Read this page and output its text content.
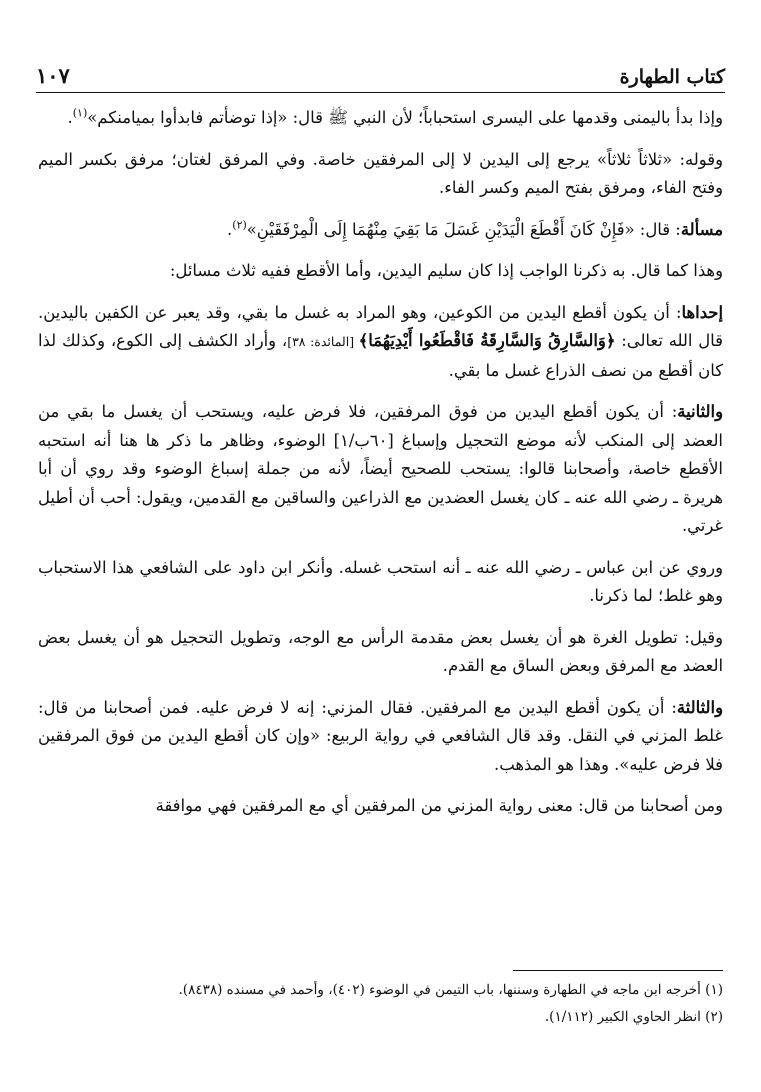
كتاب الطهارة
١٠٧

وإذا بدأ باليمنى وقدمها على اليسرى استحباباً؛ لأن النبي ﷺ قال: «إذا توضأتم فابدأوا بميامنكم»$^{(١)}$.

وقوله: «ثلاثاً ثلاثاً» يرجع إلى اليدين لا إلى المرفقين خاصة. وفي المرفق لغتان؛ مرفق بكسر الميم وفتح الفاء، ومرفق بفتح الميم وكسر الفاء.

مسألة: قال: «فَإِنْ كَانَ أَقْطَعَ الْيَدَيْنِ غَسَلَ مَا بَقِيَ مِنْهُمَا إِلَى الْمِرْفَقَيْنِ»$^{(٢)}$.

وهذا كما قال. به ذكرنا الواجب إذا كان سليم اليدين، وأما الأقطع ففيه ثلاث مسائل:

إحداها: أن يكون أقطع اليدين من الكوعين، وهو المراد به غسل ما بقي، وقد يعبر عن الكفين باليدين. قال الله تعالى: ﴿وَالسَّارِقُ وَالسَّارِقَةُ فَاقْطَعُوا أَيْدِيَهُمَا﴾ [المائدة: ٣٨]، وأراد الكشف إلى الكوع، وكذلك لذا كان أقطع من نصف الذراع غسل ما بقي.

والثانية: أن يكون أقطع اليدين من فوق المرفقين، فلا فرض عليه، ويستحب أن يغسل ما بقي من العضد إلى المنكب لأنه موضع التحجيل وإسباغ [٦٠ب/١] الوضوء، وظاهر ما ذكر ها هنا أنه استحبه الأقطع خاصة، وأصحابنا قالوا: يستحب للصحيح أيضاً، لأنه من جملة إسباغ الوضوء وقد روي أن أبا هريرة ـ رضي الله عنه ـ كان يغسل العضدين مع الذراعين والساقين مع القدمين، ويقول: أحب أن أطيل غرتي.

وروي عن ابن عباس ـ رضي الله عنه ـ أنه استحب غسله. وأنكر ابن داود على الشافعي هذا الاستحباب وهو غلط؛ لما ذكرنا.

وقيل: تطويل الغرة هو أن يغسل بعض مقدمة الرأس مع الوجه، وتطويل التحجيل هو أن يغسل بعض العضد مع المرفق وبعض الساق مع القدم.

والثالثة: أن يكون أقطع اليدين مع المرفقين. فقال المزني: إنه لا فرض عليه. فمن أصحابنا من قال: غلط المزني في النقل. وقد قال الشافعي في رواية الربيع: «وإن كان أقطع اليدين من فوق المرفقين فلا فرض عليه». وهذا هو المذهب.

ومن أصحابنا من قال: معنى رواية المزني من المرفقين أي مع المرفقين فهي موافقة

(١) أخرجه ابن ماجه في الطهارة وسننها، باب التيمن في الوضوء (٤٠٢)، وأحمد في مسنده (٨٤٣٨).

(٢) انظر الحاوي الكبير (١/١١٢).
